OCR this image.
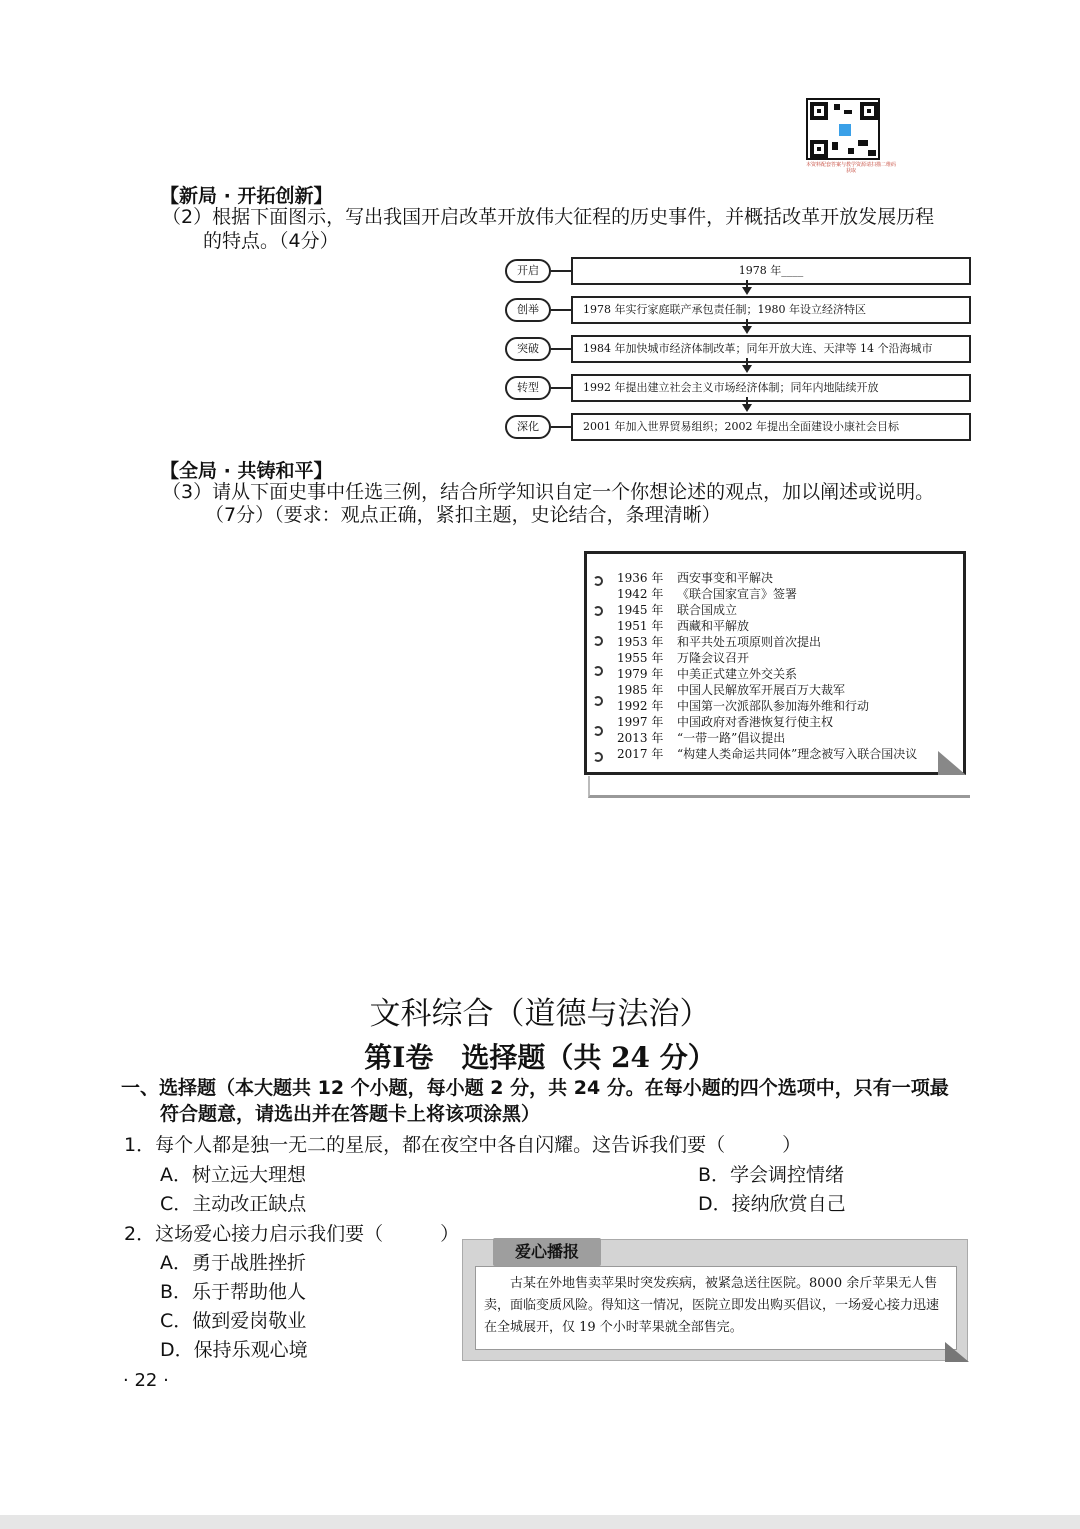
本资料配套答案与教学资源请扫描二维码获取
【新局 · 开拓创新】
（2）根据下面图示，写出我国开启改革开放伟大征程的历史事件，并概括改革开放发展历程
的特点。（4分）
开启	1978 年____
创举	1978 年实行家庭联产承包责任制；1980 年设立经济特区
突破	1984 年加快城市经济体制改革；同年开放大连、天津等 14 个沿海城市
转型	1992 年提出建立社会主义市场经济体制；同年内地陆续开放
深化	2001 年加入世界贸易组织；2002 年提出全面建设小康社会目标
【全局 · 共铸和平】
（3）请从下面史事中任选三例，结合所学知识自定一个你想论述的观点，加以阐述或说明。
（7分）（要求：观点正确，紧扣主题，史论结合，条理清晰）
1936 年 西安事变和平解决
1942 年 《联合国家宣言》签署
1945 年 联合国成立
1951 年 西藏和平解放
1953 年 和平共处五项原则首次提出
1955 年 万隆会议召开
1979 年 中美正式建立外交关系
1985 年 中国人民解放军开展百万大裁军
1992 年 中国第一次派部队参加海外维和行动
1997 年 中国政府对香港恢复行使主权
2013 年 “一带一路”倡议提出
2017 年 “构建人类命运共同体”理念被写入联合国决议
文科综合（道德与法治）
第Ⅰ卷　选择题（共 24 分）
一、选择题（本大题共 12 个小题，每小题 2 分，共 24 分。在每小题的四个选项中，只有一项最
符合题意，请选出并在答题卡上将该项涂黑）
1．每个人都是独一无二的星辰，都在夜空中各自闪耀。这告诉我们要（　　　）
A．树立远大理想	B．学会调控情绪
C．主动改正缺点	D．接纳欣赏自己
2．这场爱心接力启示我们要（　　　）
A．勇于战胜挫折
B．乐于帮助他人
C．做到爱岗敬业
D．保持乐观心境
爱心播报
古某在外地售卖苹果时突发疾病，被紧急送往医院。8000 余斤苹果无人售卖，面临变质风险。得知这一情况，医院立即发出购买倡议，一场爱心接力迅速在全城展开，仅 19 个小时苹果就全部售完。
· 22 ·
